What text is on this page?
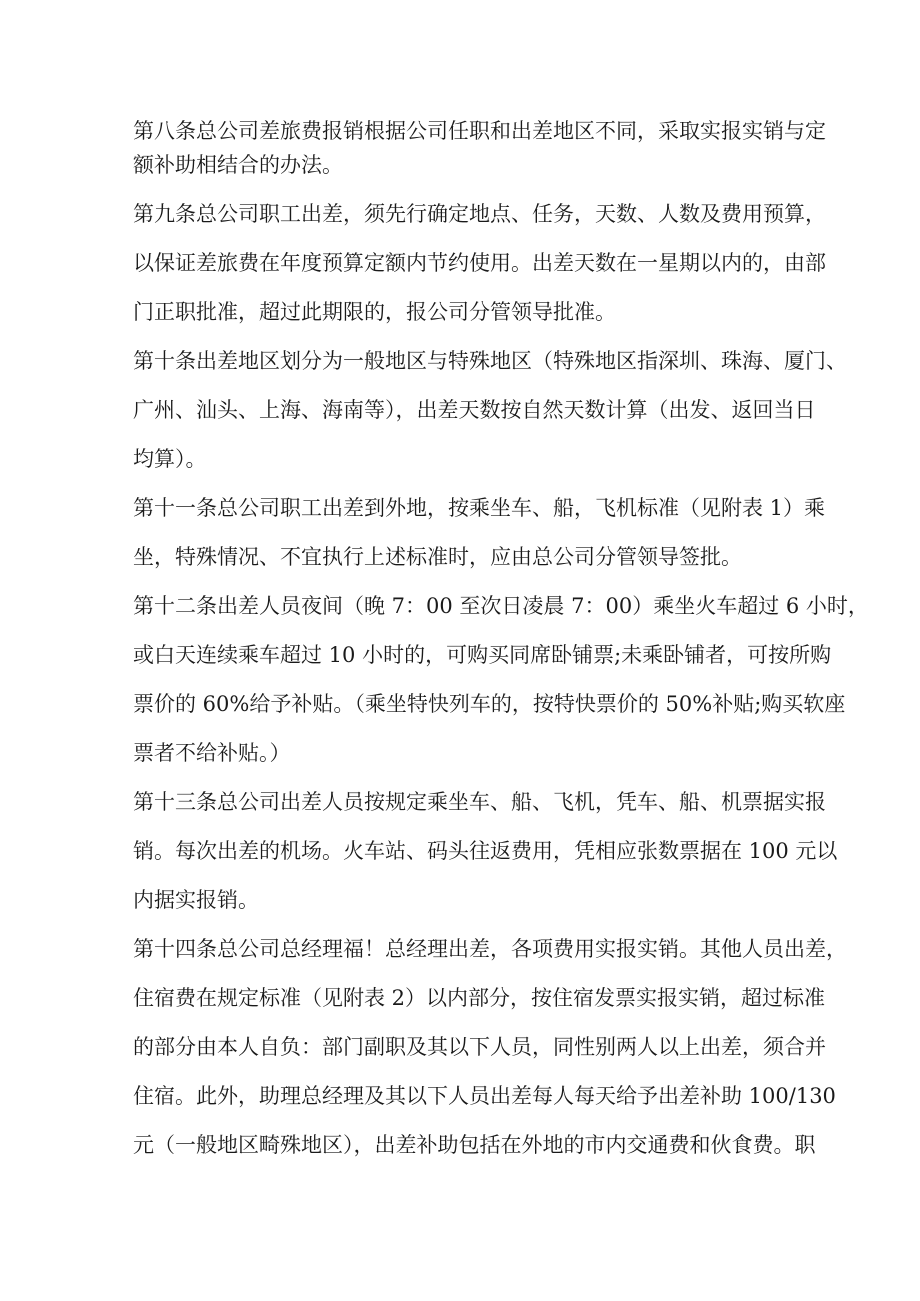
第八条总公司差旅费报销根据公司任职和出差地区不同，采取实报实销与定
额补助相结合的办法。
第九条总公司职工出差，须先行确定地点、任务，天数、人数及费用预算，
以保证差旅费在年度预算定额内节约使用。出差天数在一星期以内的，由部
门正职批准，超过此期限的，报公司分管领导批准。
第十条出差地区划分为一般地区与特殊地区（特殊地区指深圳、珠海、厦门、
广州、汕头、上海、海南等），出差天数按自然天数计算（出发、返回当日
均算）。
第十一条总公司职工出差到外地，按乘坐车、船，飞机标准（见附表 1）乘
坐，特殊情况、不宜执行上述标准时，应由总公司分管领导签批。
第十二条出差人员夜间（晚 7：00 至次日凌晨 7：00）乘坐火车超过 6 小时，
或白天连续乘车超过 10 小时的，可购买同席卧铺票;未乘卧铺者，可按所购
票价的 60%给予补贴。（乘坐特快列车的，按特快票价的 50%补贴;购买软座
票者不给补贴。）
第十三条总公司出差人员按规定乘坐车、船、飞机，凭车、船、机票据实报
销。每次出差的机场。火车站、码头往返费用，凭相应张数票据在 100 元以
内据实报销。
第十四条总公司总经理福！总经理出差，各项费用实报实销。其他人员出差，
住宿费在规定标准（见附表 2）以内部分，按住宿发票实报实销，超过标准
的部分由本人自负：部门副职及其以下人员，同性别两人以上出差，须合并
住宿。此外，助理总经理及其以下人员出差每人每天给予出差补助 100/130
元（一般地区畸殊地区），出差补助包括在外地的市内交通费和伙食费。职
